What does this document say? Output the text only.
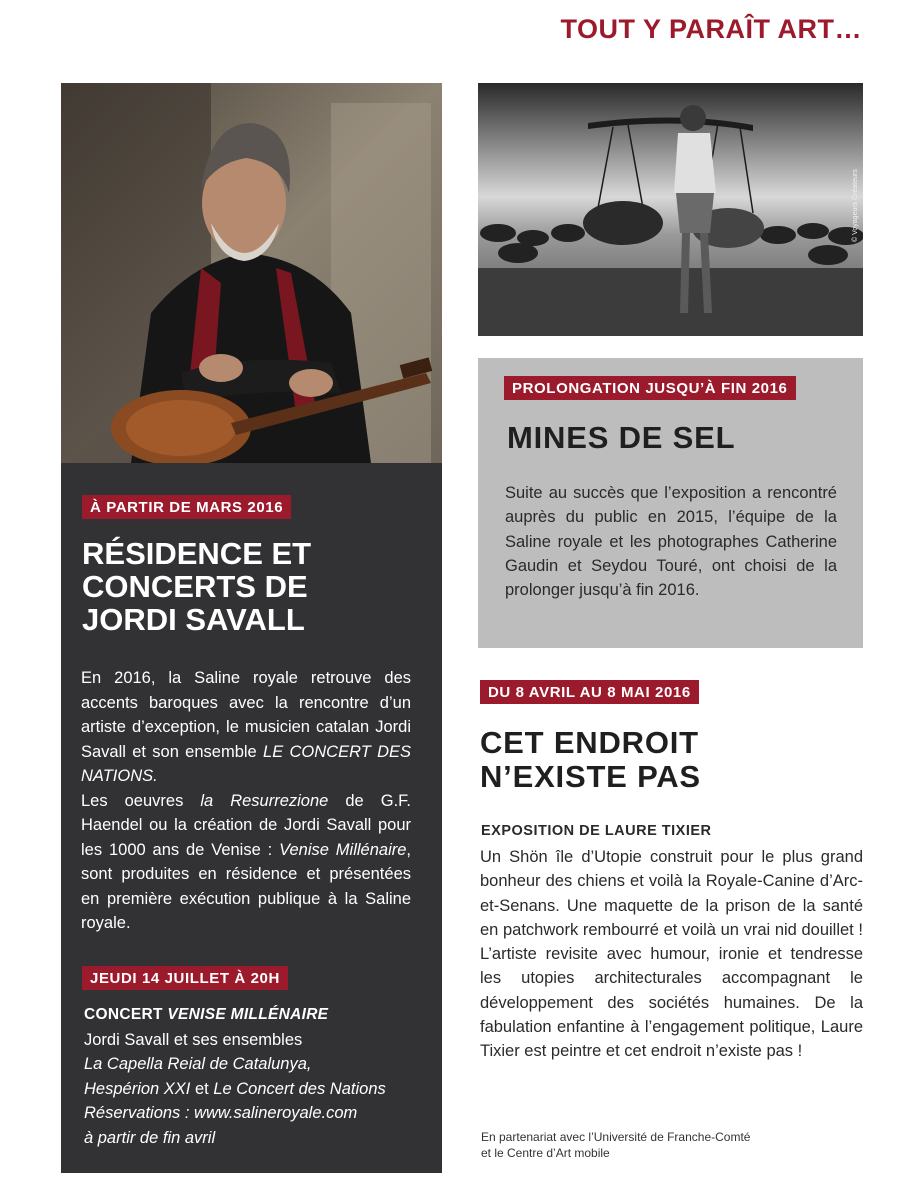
TOUT Y PARAÎT ART…
À PARTIR DE MARS 2016
RÉSIDENCE ET
CONCERTS DE
JORDI SAVALL

En 2016, la Saline royale retrouve des accents baroques avec la rencontre d’un artiste d’exception, le musicien catalan Jordi Savall et son ensemble LE CONCERT DES NATIONS.

Les oeuvres la Resurrezione de G.F. Haendel ou la création de Jordi Savall pour les 1000 ans de Venise : Venise Millénaire, sont produites en résidence et présentées en première exécution publique à la Saline royale.

JEUDI 14 JUILLET À 20H
CONCERT VENISE MILLÉNAIRE
Jordi Savall et ses ensembles
La Capella Reial de Catalunya,
Hespérion XXI et Le Concert des Nations
Réservations : www.salineroyale.com
à partir de fin avril
© Voyageurs Créateurs
PROLONGATION JUSQU’À FIN 2016
MINES DE SEL
Suite au succès que l’exposition a rencontré auprès du public en 2015, l’équipe de la Saline royale et les photographes Catherine Gaudin et Seydou Touré, ont choisi de la prolonger jusqu’à fin 2016.
DU 8 AVRIL AU 8 MAI 2016
CET ENDROIT
N’EXISTE PAS
EXPOSITION DE LAURE TIXIER
Un Shön île d’Utopie construit pour le plus grand bonheur des chiens et voilà la Royale-Canine d’Arc-et-Senans. Une maquette de la prison de la santé en patchwork rembourré et voilà un vrai nid douillet ! L’artiste revisite avec humour, ironie et tendresse les utopies architecturales accompagnant le développement des sociétés humaines. De la fabulation enfantine à l’engagement politique, Laure Tixier est peintre et cet endroit n’existe pas !
En partenariat avec l’Université de Franche-Comté
et le Centre d’Art mobile
